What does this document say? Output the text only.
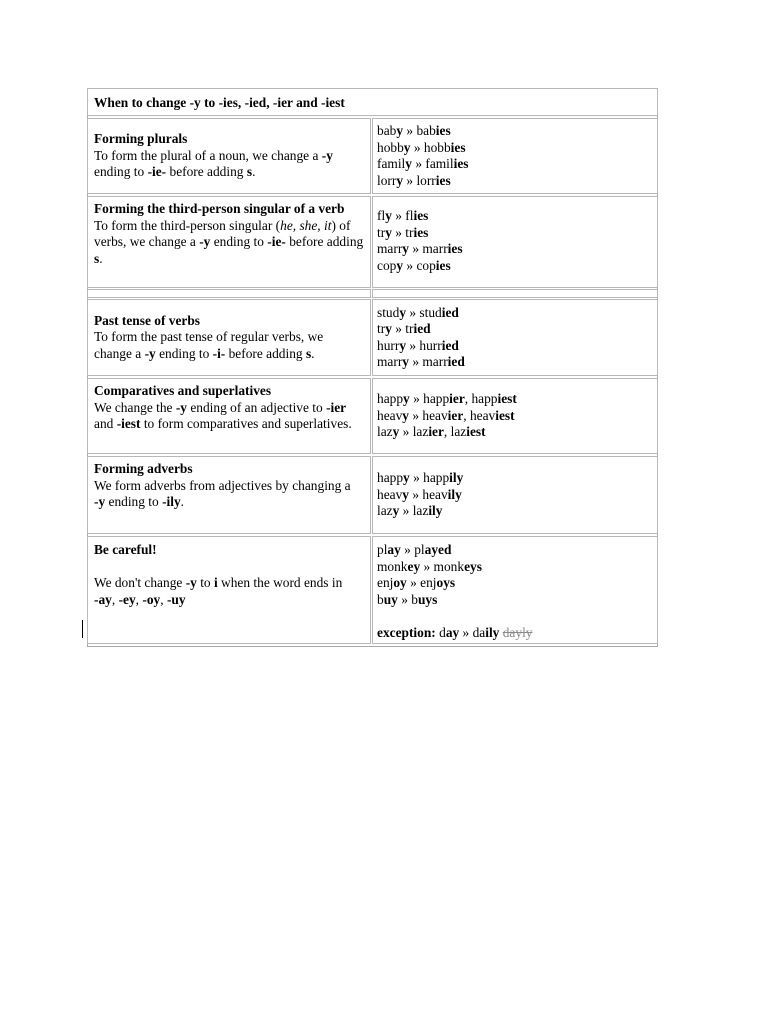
When to change -y to -ies, -ied, -ier and -iest
Forming plurals
To form the plural of a noun, we change a -y ending to -ie- before adding s.
baby » babies
hobby » hobbies
family » families
lorry » lorries
Forming the third-person singular of a verb
To form the third-person singular (he, she, it) of verbs, we change a -y ending to -ie- before adding s.
fly » flies
try » tries
marry » marries
copy » copies
Past tense of verbs
To form the past tense of regular verbs, we change a -y ending to -i- before adding s.
study » studied
try » tried
hurry » hurried
marry » married
Comparatives and superlatives
We change the -y ending of an adjective to -ier and -iest to form comparatives and superlatives.
happy » happier, happiest
heavy » heavier, heaviest
lazy » lazier, laziest
Forming adverbs
We form adverbs from adjectives by changing a
-y ending to -ily.
happy » happily
heavy » heavily
lazy » lazily
Be careful!
We don't change -y to i when the word ends in
-ay, -ey, -oy, -uy
play » played
monkey » monkeys
enjoy » enjoys
buy » buys
exception: day » daily dayly
